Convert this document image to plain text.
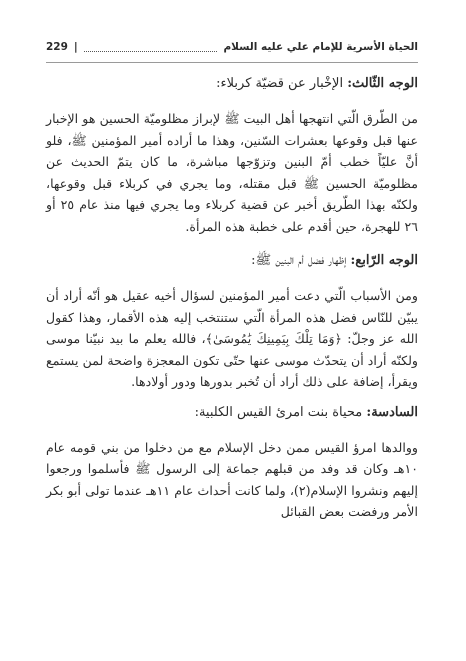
الحياة الأسرية للإمام علي عليه السلام
|
229
الوجه الثّالث: الإخْبار عن قضيّة كربلاء:

من الطّرق الّتي انتهجها أهل البيت ﷺ لإبراز مظلوميّة الحسين هو الإخبار عنها قبل وقوعها بعشرات السّنين، وهذا ما أراده أمير المؤمنين ﷺ، فلو أنَّ عليّاً خطب أمّ البنين وتزوّجها مباشرة، ما كان يتمّ الحديث عن مظلوميّة الحسين ﷺ قبل مقتله، وما يجري في كربلاء قبل وقوعها، ولكنّه بهذا الطّريق أخبر عن قضية كربلاء وما يجري فيها منذ عام ٢٥ أو ٢٦ للهجرة، حين أقدم على خطبة هذه المرأة.

الوجه الرّابع: إظهار فضل أم البنين ﷺ:

ومن الأسباب الّتي دعت أمير المؤمنين لسؤال أخيه عقيل هو أنّه أراد أن يبيّن للنّاس فضل هذه المرأة الّتي ستنتخب إليه هذه الأقمار، وهذا كقول الله عز وجلّ: ﴿وَمَا تِلْكَ بِيَمِينِكَ يَٰمُوسَىٰ﴾، فالله يعلم ما بيد نبيّنا موسى ولكنّه أراد أن يتحدّث موسى عنها حتّى تكون المعجزة واضحة لمن يستمع ويقرأ، إضافة على ذلك أراد أن تُخبر بدورها ودور أولادها.

السادسة: محياة بنت امرئ القيس الكلبية:

ووالدها امرؤ القيس ممن دخل الإسلام مع من دخلوا من بني قومه عام ١٠هـ وكان قد وفد من قبلهم جماعة إلى الرسول ﷺ فأسلموا ورجعوا إليهم ونشروا الإسلام(٢)، ولما كانت أحداث عام ١١هـ عندما تولى أبو بكر الأمر ورفضت بعض القبائل
